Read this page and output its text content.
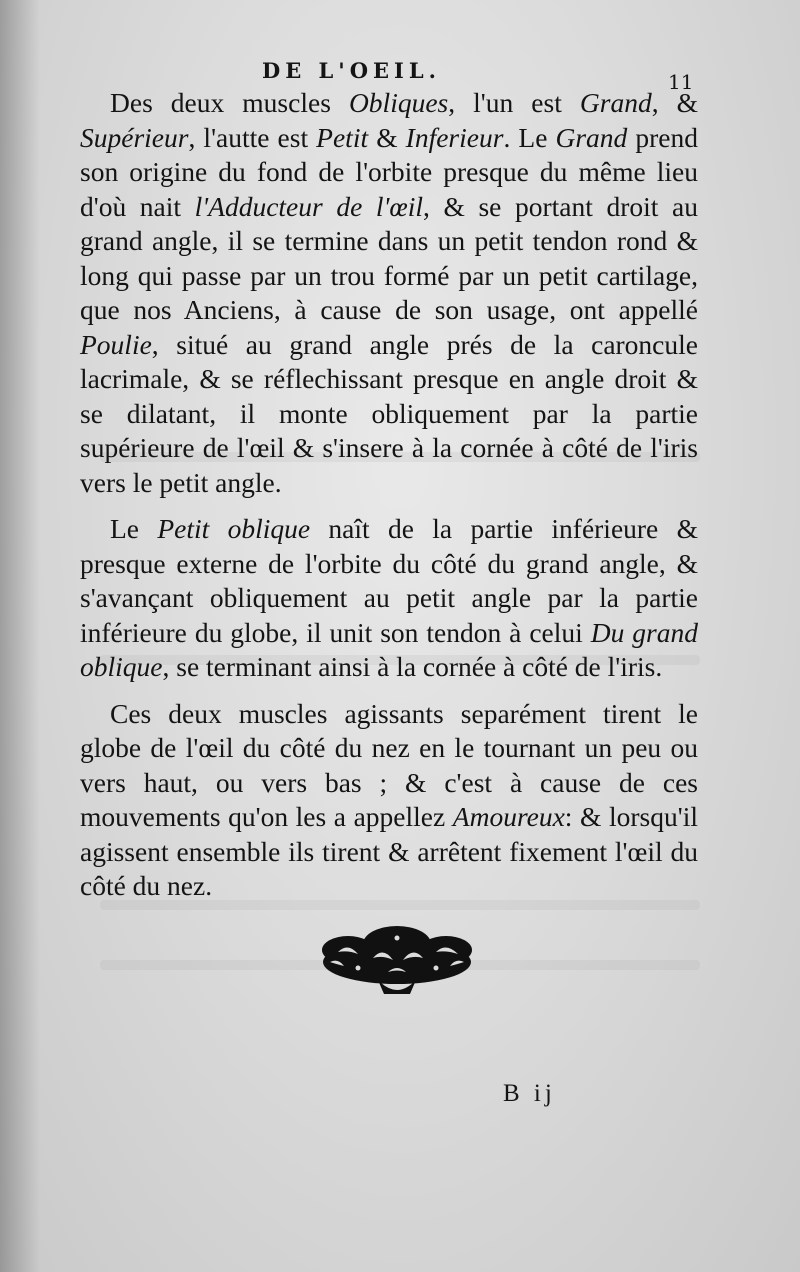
DE L'OEIL.	11

Des deux muscles Obliques, l'un est Grand, & Supérieur, l'autte est Petit & Inferieur. Le Grand prend son origine du fond de l'orbite presque du même lieu d'où nait l'Adducteur de l'œil, & se portant droit au grand angle, il se termine dans un petit tendon rond & long qui passe par un trou formé par un petit cartilage, que nos Anciens, à cause de son usage, ont appellé Poulie, situé au grand angle prés de la caroncule lacrimale, & se réflechissant presque en angle droit & se dilatant, il monte obliquement par la partie supérieure de l'œil & s'insere à la cornée à côté de l'iris vers le petit angle.

Le Petit oblique naît de la partie inférieure & presque externe de l'orbite du côté du grand angle, & s'avançant obliquement au petit angle par la partie inférieure du globe, il unit son tendon à celui Du grand oblique, se terminant ainsi à la cornée à côté de l'iris.

Ces deux muscles agissants separément tirent le globe de l'œil du côté du nez en le tournant un peu ou vers haut, ou vers bas ; & c'est à cause de ces mouvements qu'on les a appellez Amoureux: & lorsqu'il agissent ensemble ils tirent & arrêtent fixement l'œil du côté du nez.

B ij
